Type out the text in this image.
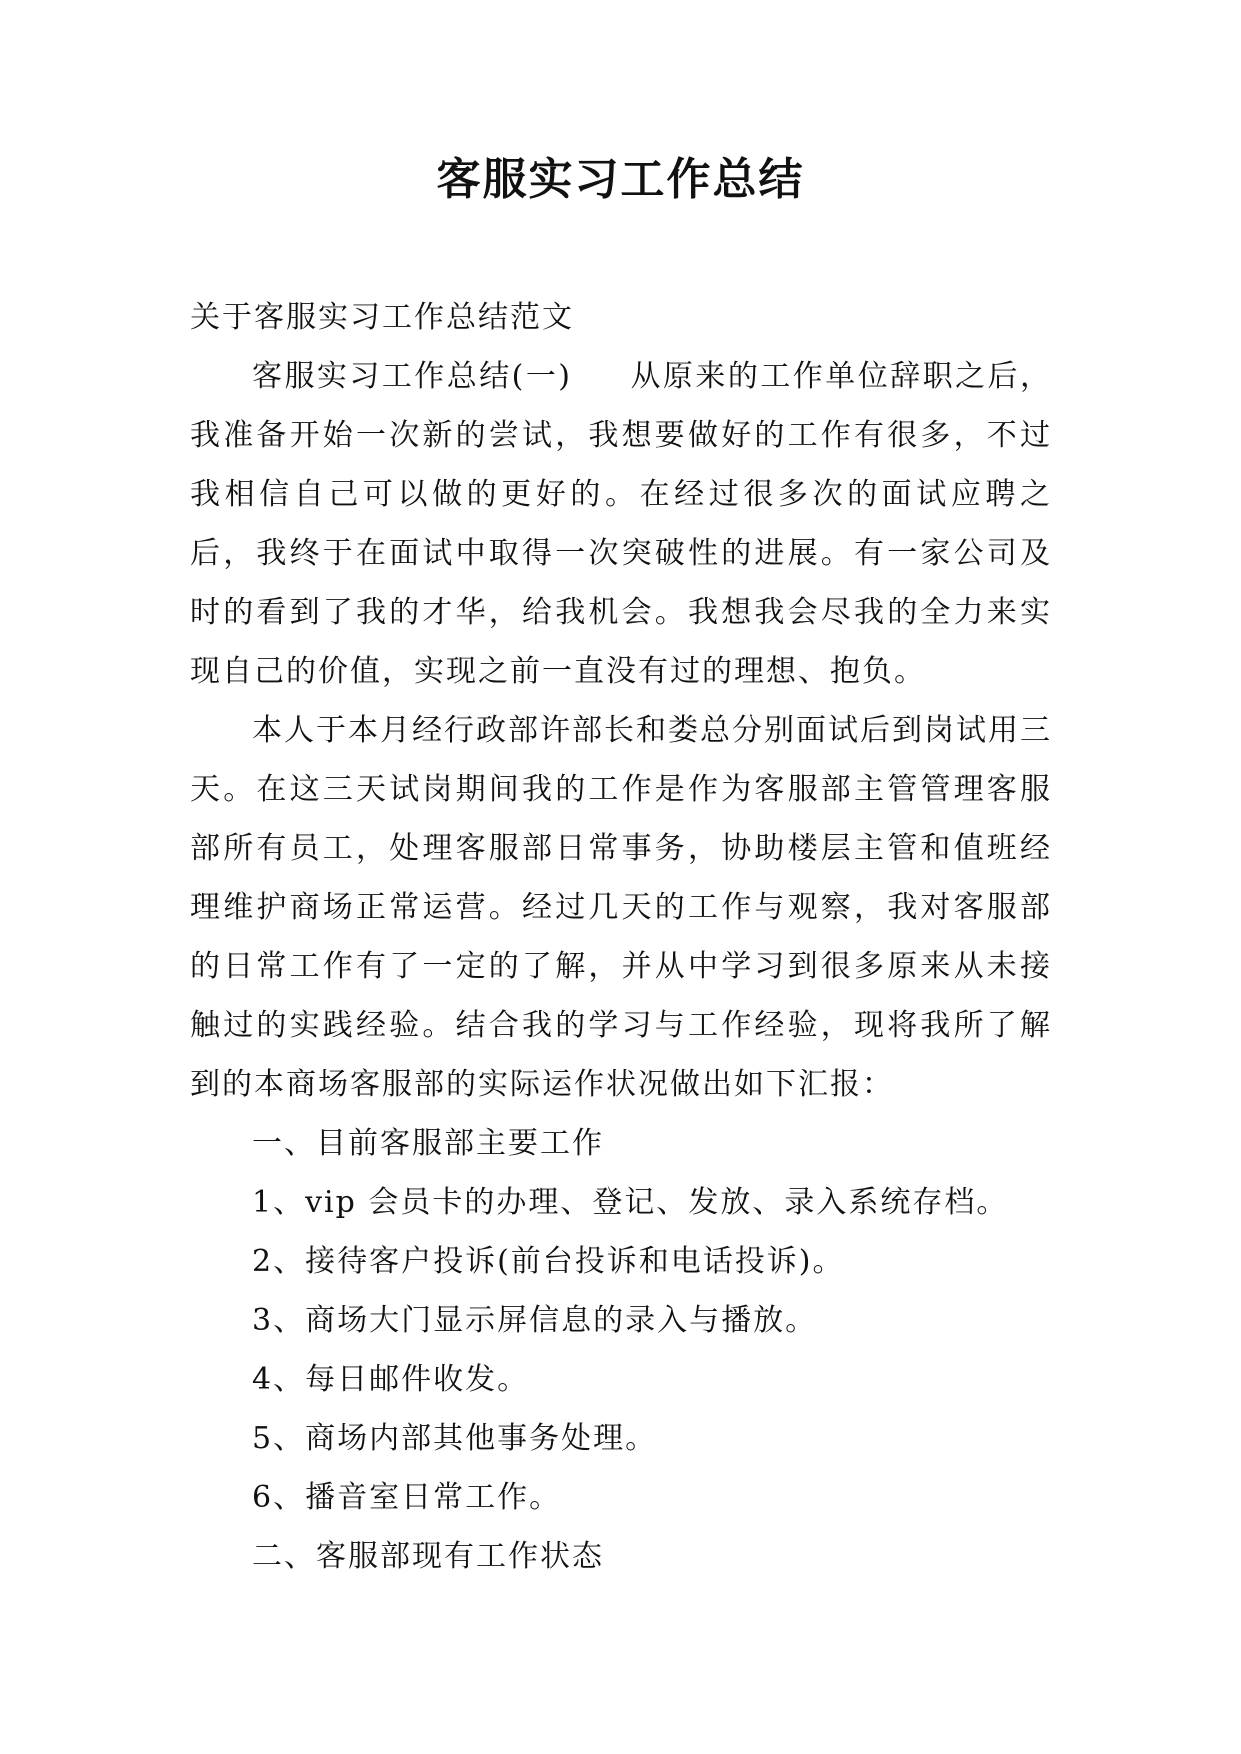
客服实习工作总结

关于客服实习工作总结范文

客服实习工作总结(一) 从原来的工作单位辞职之后，我准备开始一次新的尝试，我想要做好的工作有很多，不过我相信自己可以做的更好的。在经过很多次的面试应聘之后，我终于在面试中取得一次突破性的进展。有一家公司及时的看到了我的才华，给我机会。我想我会尽我的全力来实现自己的价值，实现之前一直没有过的理想、抱负。

本人于本月经行政部许部长和娄总分别面试后到岗试用三天。在这三天试岗期间我的工作是作为客服部主管管理客服部所有员工，处理客服部日常事务，协助楼层主管和值班经理维护商场正常运营。经过几天的工作与观察，我对客服部的日常工作有了一定的了解，并从中学习到很多原来从未接触过的实践经验。结合我的学习与工作经验，现将我所了解到的本商场客服部的实际运作状况做出如下汇报：

一、目前客服部主要工作

1、vip 会员卡的办理、登记、发放、录入系统存档。

2、接待客户投诉(前台投诉和电话投诉)。

3、商场大门显示屏信息的录入与播放。

4、每日邮件收发。

5、商场内部其他事务处理。

6、播音室日常工作。

二、客服部现有工作状态
